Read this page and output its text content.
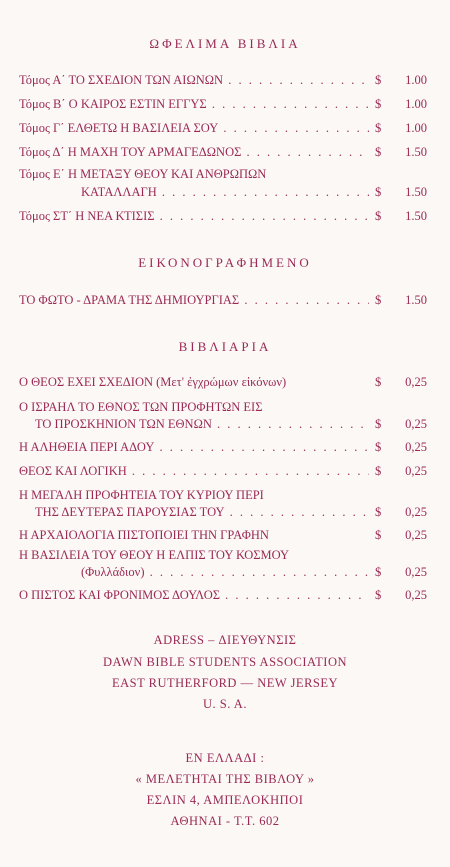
ΩΦΕΛΙΜΑ ΒΙΒΛΙΑ
Τόμος Α΄ ΤΟ ΣΧΕΔΙΟΝ ΤΩΝ ΑΙΩΝΩΝ . . .	$ 1.00
Τόμος Β΄ Ο ΚΑΙΡΟΣ ΕΣΤΙΝ ΕΓΓΥΣ . . .	$ 1.00
Τόμος Γ΄ ΕΛΘΕΤΩ Η ΒΑΣΙΛΕΙΑ ΣΟΥ . . .	$ 1.00
Τόμος Δ΄ Η ΜΑΧΗ ΤΟΥ ΑΡΜΑΓΕΔΩΝΟΣ . . .	$ 1.50
Τόμος Ε΄ Η ΜΕΤΑΞΥ ΘΕΟΥ ΚΑΙ ΑΝΘΡΩΠΩΝ
ΚΑΤΑΛΛΑΓΗ . . .	$ 1.50
Τόμος ΣΤ΄ Η ΝΕΑ ΚΤΙΣΙΣ . . .	$ 1.50
ΕΙΚΟΝΟΓΡΑΦΗΜΕΝΟ
ΤΟ ΦΩΤΟ - ΔΡΑΜΑ ΤΗΣ ΔΗΜΙΟΥΡΓΙΑΣ . . .	$ 1.50
ΒΙΒΛΙΑΡΙΑ
Ο ΘΕΟΣ ΕΧΕΙ ΣΧΕΔΙΟΝ (Μετ' ἐγχρώμων εἰκόνων)	$ 0,25
Ο ΙΣΡΑΗΛ ΤΟ ΕΘΝΟΣ ΤΩΝ ΠΡΟΦΗΤΩΝ ΕΙΣ
ΤΟ ΠΡΟΣΚΗΝΙΟΝ ΤΩΝ ΕΘΝΩΝ . . .	$ 0,25
Η ΑΛΗΘΕΙΑ ΠΕΡΙ ΑΔΟΥ . . .	$ 0,25
ΘΕΟΣ ΚΑΙ ΛΟΓΙΚΗ . . .	$ 0,25
Η ΜΕΓΑΛΗ ΠΡΟΦΗΤΕΙΑ ΤΟΥ ΚΥΡΙΟΥ ΠΕΡΙ
ΤΗΣ ΔΕΥΤΕΡΑΣ ΠΑΡΟΥΣΙΑΣ ΤΟΥ . . .	$ 0,25
Η ΑΡΧΑΙΟΛΟΓΙΑ ΠΙΣΤΟΠΟΙΕΙ ΤΗΝ ΓΡΑΦΗΝ	$ 0,25
Η ΒΑΣΙΛΕΙΑ ΤΟΥ ΘΕΟΥ Η ΕΛΠΙΣ ΤΟΥ ΚΟΣΜΟΥ
(Φυλλάδιον) . . .	$ 0,25
Ο ΠΙΣΤΟΣ ΚΑΙ ΦΡΟΝΙΜΟΣ ΔΟΥΛΟΣ . . .	$ 0,25
ADRESS – ΔΙΕΥΘΥΝΣΙΣ
DAWN BIBLE STUDENTS ASSOCIATION
EAST RUTHERFORD — NEW JERSEY
U. S. A.
ΕΝ ΕΛΛΑΔΙ :
« ΜΕΛΕΤΗΤΑΙ ΤΗΣ ΒΙΒΛΟΥ »
ΕΣΛΙΝ 4, ΑΜΠΕΛΟΚΗΠΟΙ
ΑΘΗΝΑΙ - Τ.Τ. 602
